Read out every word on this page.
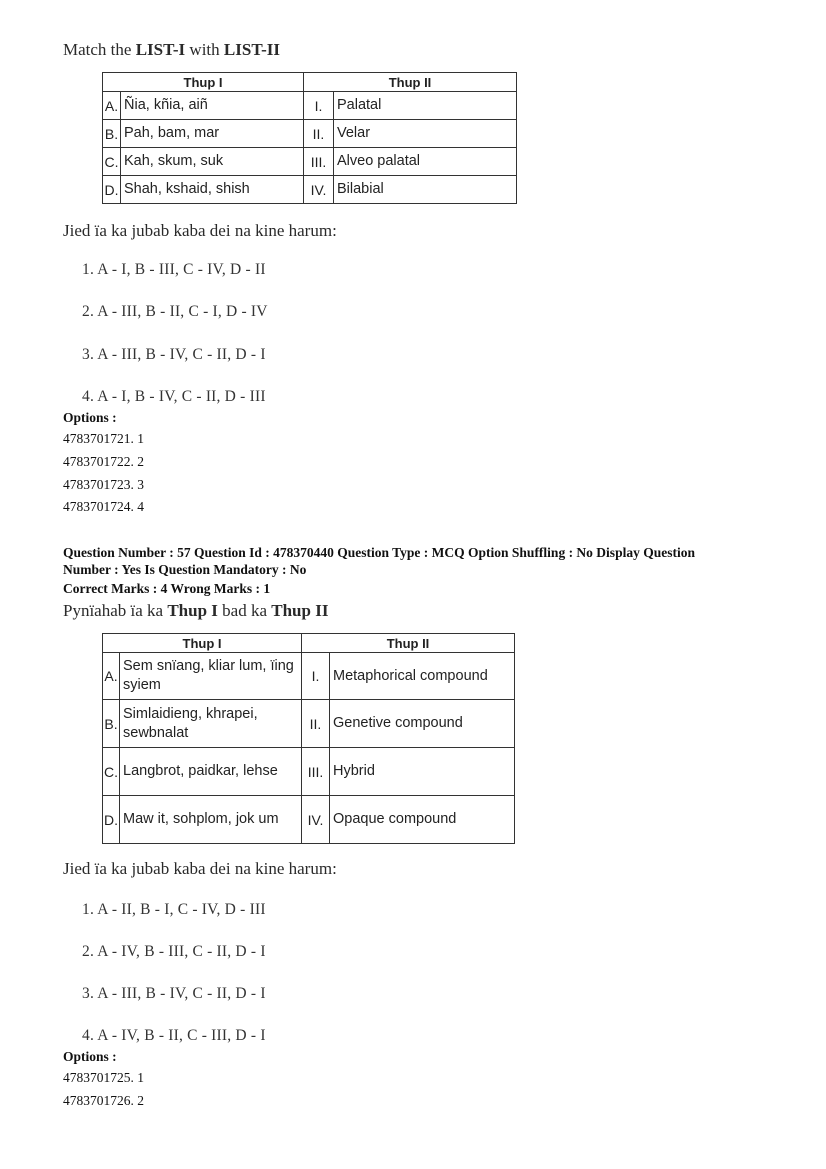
Match the LIST-I with LIST-II
Thup I		Thup II	
A.	Ñia, kñia, aiñ	I.	Palatal
B.	Pah, bam, mar	II.	Velar
C.	Kah, skum, suk	III.	Alveo palatal
D.	Shah, kshaid, shish	IV.	Bilabial
Jied ïa ka jubab kaba dei na kine harum:
1. A - I, B - III, C - IV, D - II
2. A - III, B - II, C - I, D - IV
3. A - III, B - IV, C - II, D - I
4. A - I, B - IV, C - II, D - III
Options :
4783701721. 1
4783701722. 2
4783701723. 3
4783701724. 4
Question Number : 57 Question Id : 478370440 Question Type : MCQ Option Shuffling : No Display Question
Number : Yes Is Question Mandatory : No
Correct Marks : 4 Wrong Marks : 1
Pynïahab ïa ka Thup I bad ka Thup II
Thup I		Thup II	
A.	Sem snïang, kliar lum, ïing syiem	I.	Metaphorical compound
B.	Simlaidieng, khrapei, sewbnalat	II.	Genetive compound
C.	Langbrot, paidkar, lehse	III.	Hybrid
D.	Maw it, sohplom, jok um	IV.	Opaque compound
Jied ïa ka jubab kaba dei na kine harum:
1. A - II, B - I, C - IV, D - III
2. A - IV, B - III, C - II, D - I
3. A - III, B - IV, C - II, D - I
4. A - IV, B - II, C - III, D - I
Options :
4783701725. 1
4783701726. 2
